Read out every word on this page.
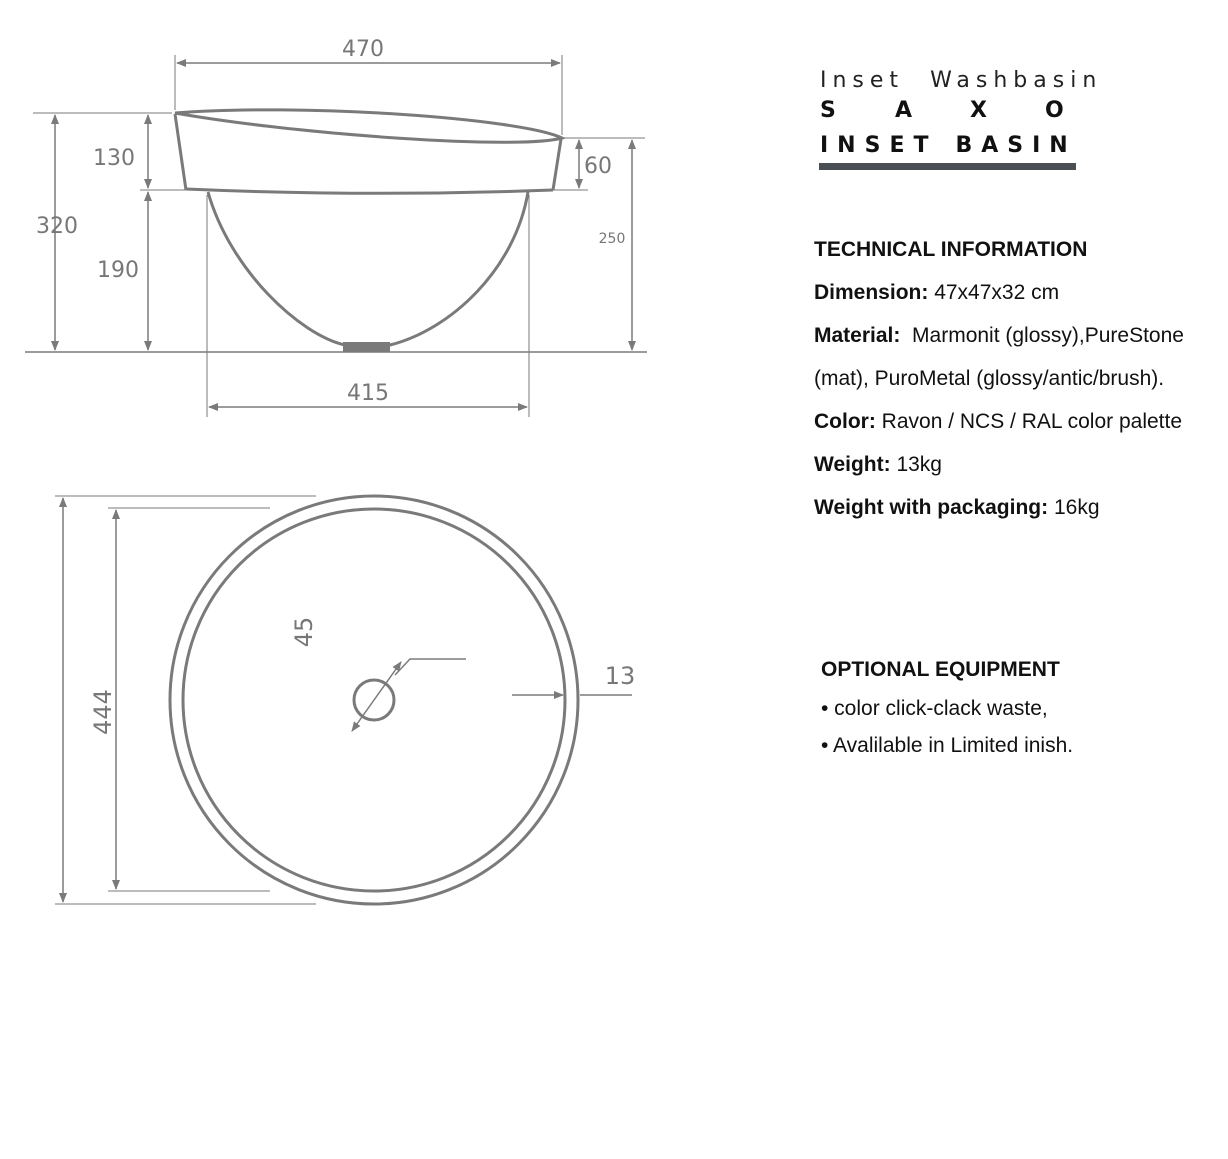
470
130
320
190
60
250
415
444
45
13
Inset Washbasin
S	A	X	O
INSET BASIN
TECHNICAL INFORMATION
Dimension: 47x47x32 cm
Material: Marmonit (glossy),PureStone (mat), PuroMetal (glossy/antic/brush).
Color: Ravon / NCS / RAL color palette
Weight: 13kg
Weight with packaging: 16kg
OPTIONAL EQUIPMENT
• color click-clack waste,
• Avalilable in Limited inish.
